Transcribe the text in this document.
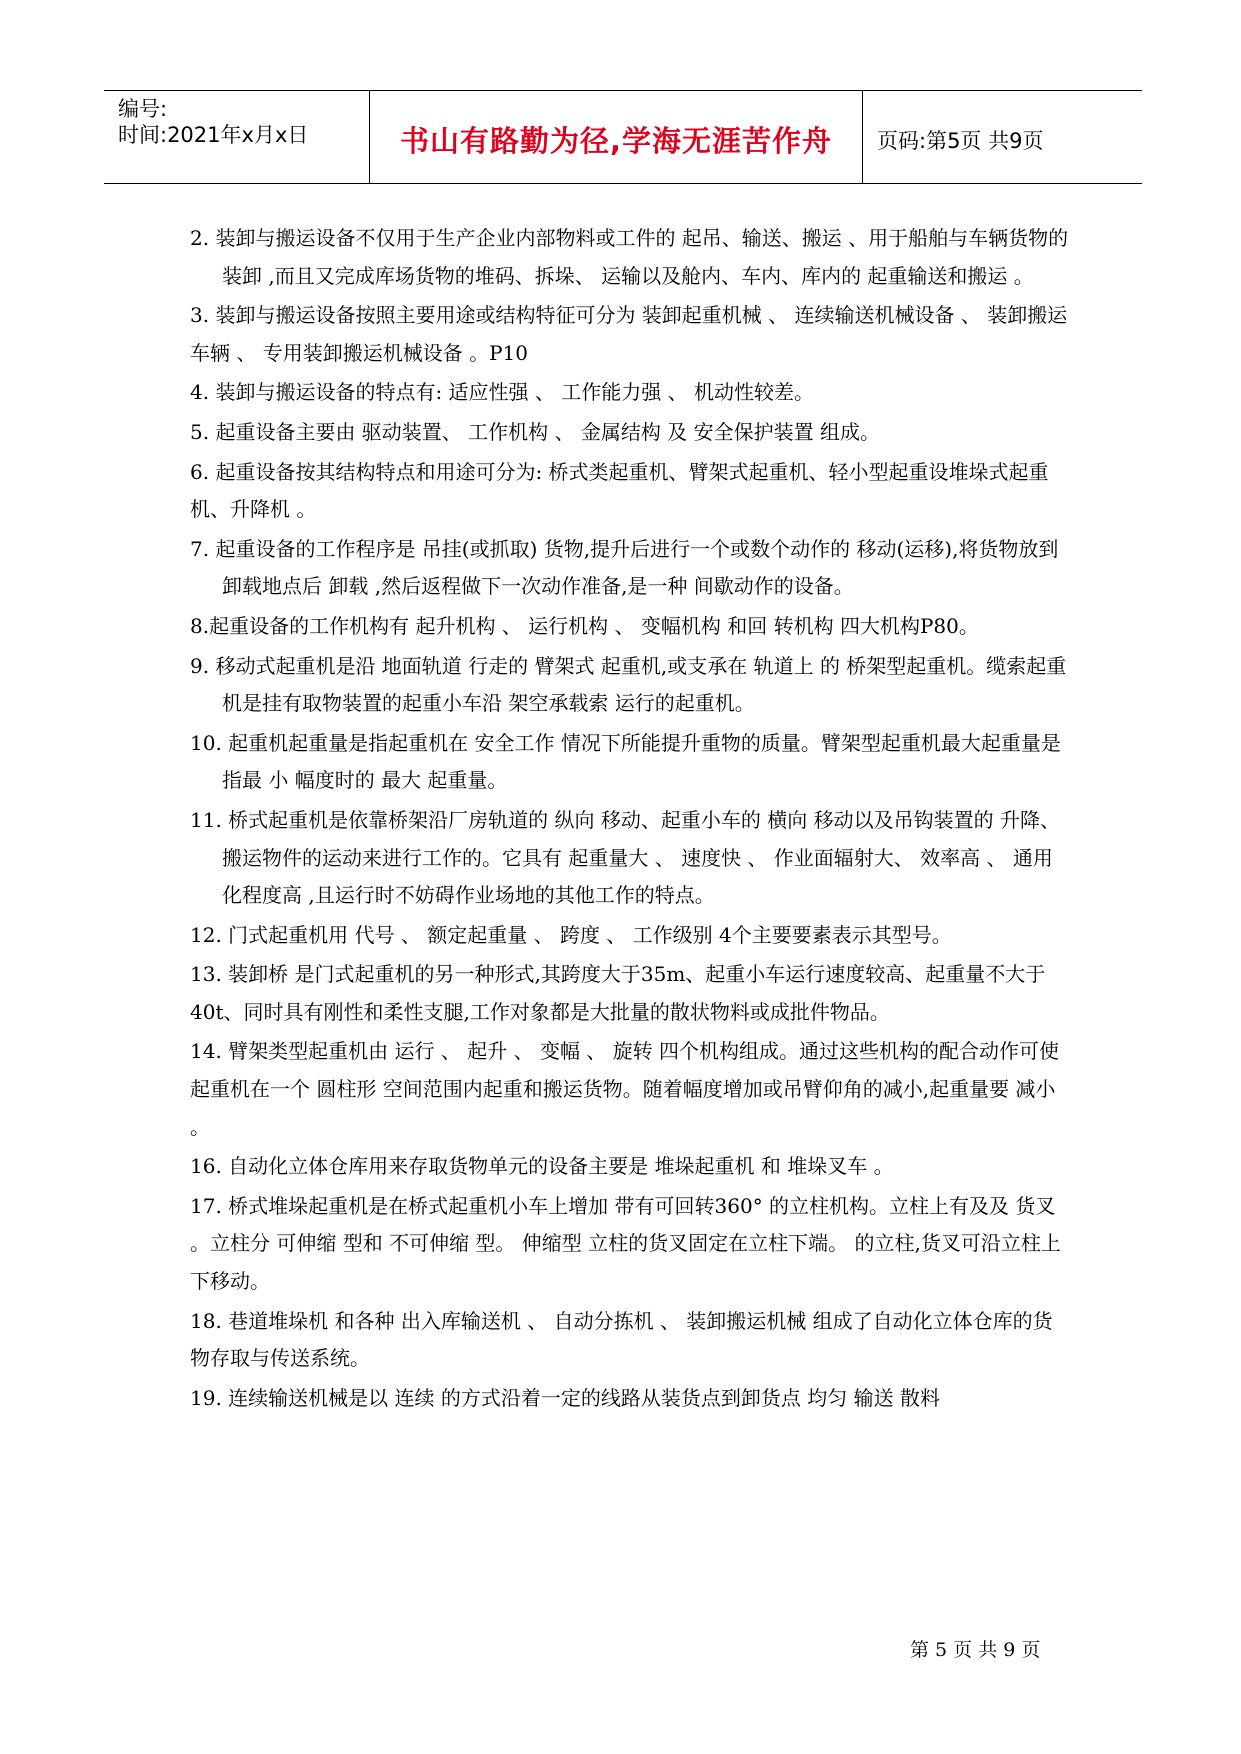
编号:
时间:2021年x月x日	书山有路勤为径,学海无涯苦作舟	页码:第5页 共9页

2. 装卸与搬运设备不仅用于生产企业内部物料或工件的 起吊、输送、搬运 、用于船舶与车辆货物的 装卸 ,而且又完成库场货物的堆码、拆垛、 运输以及舱内、车内、库内的 起重输送和搬运 。

3. 装卸与搬运设备按照主要用途或结构特征可分为 装卸起重机械 、 连续输送机械设备 、 装卸搬运车辆 、 专用装卸搬运机械设备 。P10

4. 装卸与搬运设备的特点有: 适应性强 、 工作能力强 、 机动性较差。

5. 起重设备主要由 驱动装置、 工作机构 、 金属结构 及 安全保护装置 组成。

6. 起重设备按其结构特点和用途可分为: 桥式类起重机、臂架式起重机、轻小型起重设堆垛式起重机、升降机 。

7. 起重设备的工作程序是 吊挂(或抓取) 货物,提升后进行一个或数个动作的 移动(运移),将货物放到卸载地点后 卸载 ,然后返程做下一次动作准备,是一种 间歇动作的设备。

8.起重设备的工作机构有 起升机构 、 运行机构 、 变幅机构 和回 转机构 四大机构P80。

9. 移动式起重机是沿 地面轨道 行走的 臂架式 起重机,或支承在 轨道上 的 桥架型起重机。缆索起重机是挂有取物装置的起重小车沿 架空承载索 运行的起重机。

10. 起重机起重量是指起重机在 安全工作 情况下所能提升重物的质量。臂架型起重机最大起重量是指最 小 幅度时的 最大 起重量。

11. 桥式起重机是依靠桥架沿厂房轨道的 纵向 移动、起重小车的 横向 移动以及吊钩装置的 升降、搬运物件的运动来进行工作的。它具有 起重量大 、 速度快 、 作业面辐射大、 效率高 、 通用化程度高 ,且运行时不妨碍作业场地的其他工作的特点。

12. 门式起重机用 代号 、 额定起重量 、 跨度 、 工作级别 4个主要要素表示其型号。

13. 装卸桥 是门式起重机的另一种形式,其跨度大于35m、起重小车运行速度较高、起重量不大于40t、同时具有刚性和柔性支腿,工作对象都是大批量的散状物料或成批件物品。

14. 臂架类型起重机由 运行 、 起升 、 变幅 、 旋转 四个机构组成。通过这些机构的配合动作可使起重机在一个 圆柱形 空间范围内起重和搬运货物。随着幅度增加或吊臂仰角的减小,起重量要 减小 。

16. 自动化立体仓库用来存取货物单元的设备主要是 堆垛起重机 和 堆垛叉车 。

17. 桥式堆垛起重机是在桥式起重机小车上增加 带有可回转360° 的立柱机构。立柱上有及及 货叉 。立柱分 可伸缩 型和 不可伸缩 型。 伸缩型 立柱的货叉固定在立柱下端。 的立柱,货叉可沿立柱上下移动。

18. 巷道堆垛机 和各种 出入库输送机 、 自动分拣机 、 装卸搬运机械 组成了自动化立体仓库的货物存取与传送系统。

19. 连续输送机械是以 连续 的方式沿着一定的线路从装货点到卸货点 均匀 输送 散料

第 5 页 共 9 页
